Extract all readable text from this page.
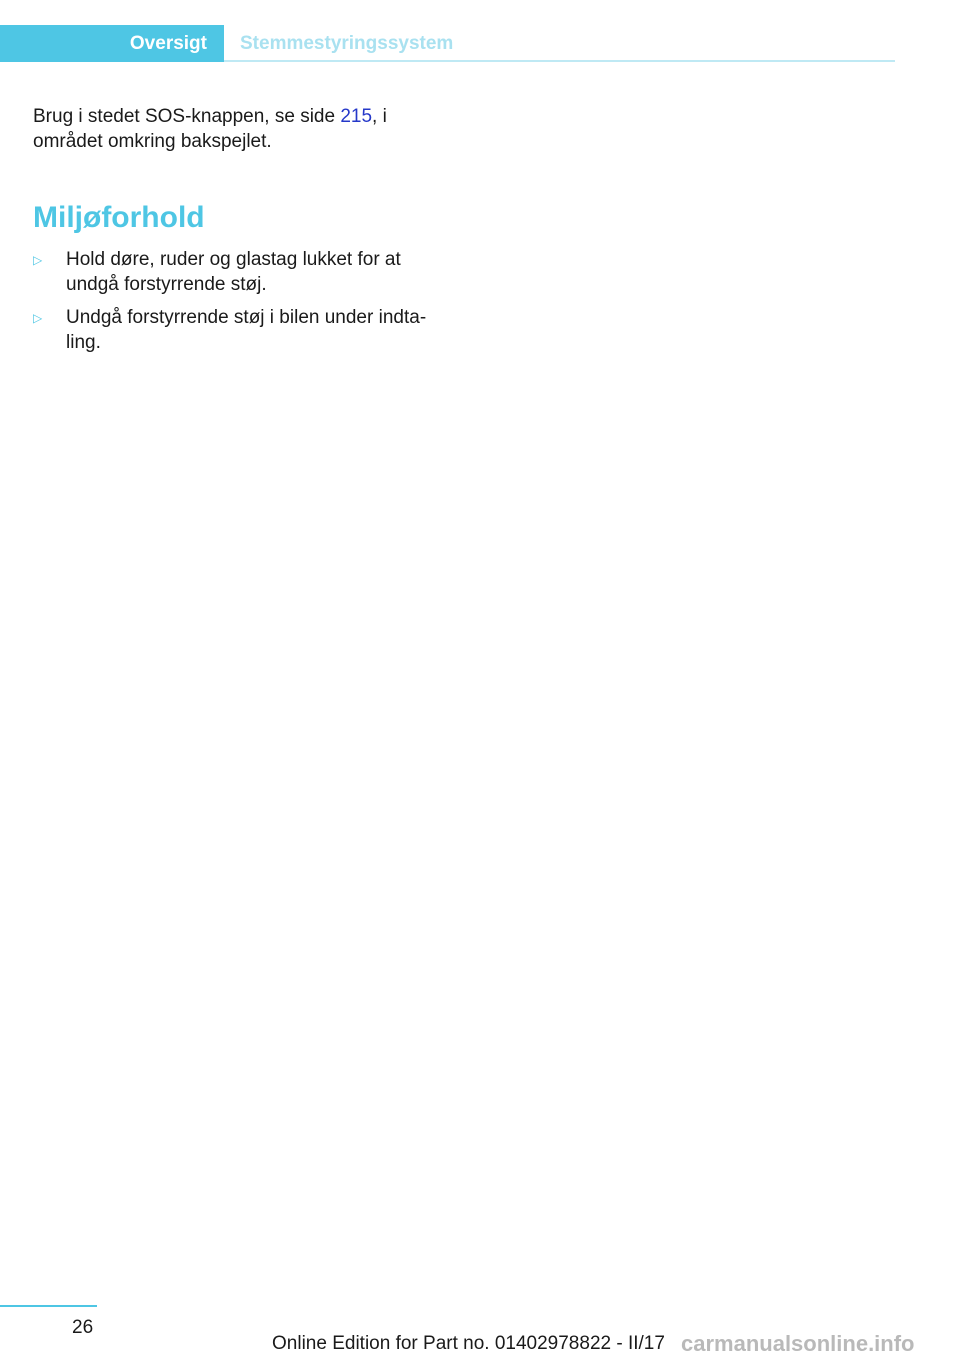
Oversigt	Stemmestyringssystem

Brug i stedet SOS-knappen, se side 215, i området omkring bakspejlet.

Miljøforhold
▷	Hold døre, ruder og glastag lukket for at undgå forstyrrende støj.
▷	Undgå forstyrrende støj i bilen under indtaling.
26
Online Edition for Part no. 01402978822 - II/17 carmanualsonline.info
